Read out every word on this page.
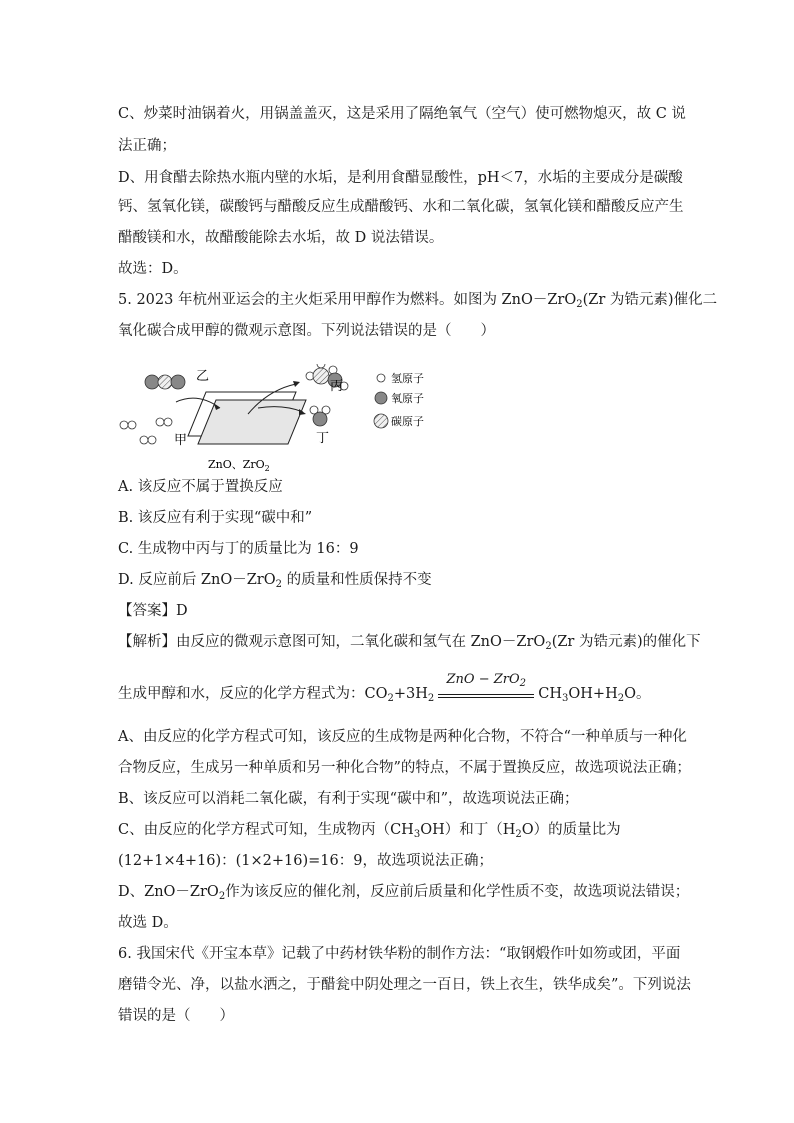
C、炒菜时油锅着火，用锅盖盖灭，这是采用了隔绝氧气（空气）使可燃物熄灭，故 C 说
法正确；
D、用食醋去除热水瓶内壁的水垢，是利用食醋显酸性，pH＜7，水垢的主要成分是碳酸
钙、氢氧化镁，碳酸钙与醋酸反应生成醋酸钙、水和二氧化碳，氢氧化镁和醋酸反应产生
醋酸镁和水，故醋酸能除去水垢，故 D 说法错误。
故选：D。
5. 2023 年杭州亚运会的主火炬采用甲醇作为燃料。如图为 ZnO－ZrO$_2$(Zr 为锆元素)催化二
氧化碳合成甲醇的微观示意图。下列说法错误的是（　　）
乙
甲
丙
丁
ZnO、ZrO$_2$
氢原子
氧原子
碳原子
A. 该反应不属于置换反应
B. 该反应有利于实现“碳中和”
C. 生成物中丙与丁的质量比为 16：9
D. 反应前后 ZnO－ZrO$_2$ 的质量和性质保持不变
【答案】D
【解析】由反应的微观示意图可知，二氧化碳和氢气在 ZnO－ZrO$_2$(Zr 为锆元素)的催化下
生成甲醇和水，反应的化学方程式为：$CO_2+3H_2$
ZnO − ZrO$_2$
$CH_3OH+H_2O$。
A、由反应的化学方程式可知，该反应的生成物是两种化合物，不符合“一种单质与一种化
合物反应，生成另一种单质和另一种化合物”的特点，不属于置换反应，故选项说法正确；
B、该反应可以消耗二氧化碳，有利于实现“碳中和”，故选项说法正确；
C、由反应的化学方程式可知，生成物丙$(CH_3OH)$和丁$(H_2O)$的质量比为
(12+1×4+16)：(1×2+16)=16：9，故选项说法正确；
D、ZnO－ZrO$_2$作为该反应的催化剂，反应前后质量和化学性质不变，故选项说法错误；
故选 D。
6. 我国宋代《开宝本草》记载了中药材铁华粉的制作方法：“取钢煅作叶如笏或团，平面
磨错令光、净，以盐水洒之，于醋瓮中阴处理之一百日，铁上衣生，铁华成矣”。下列说法
错误的是（　　）
